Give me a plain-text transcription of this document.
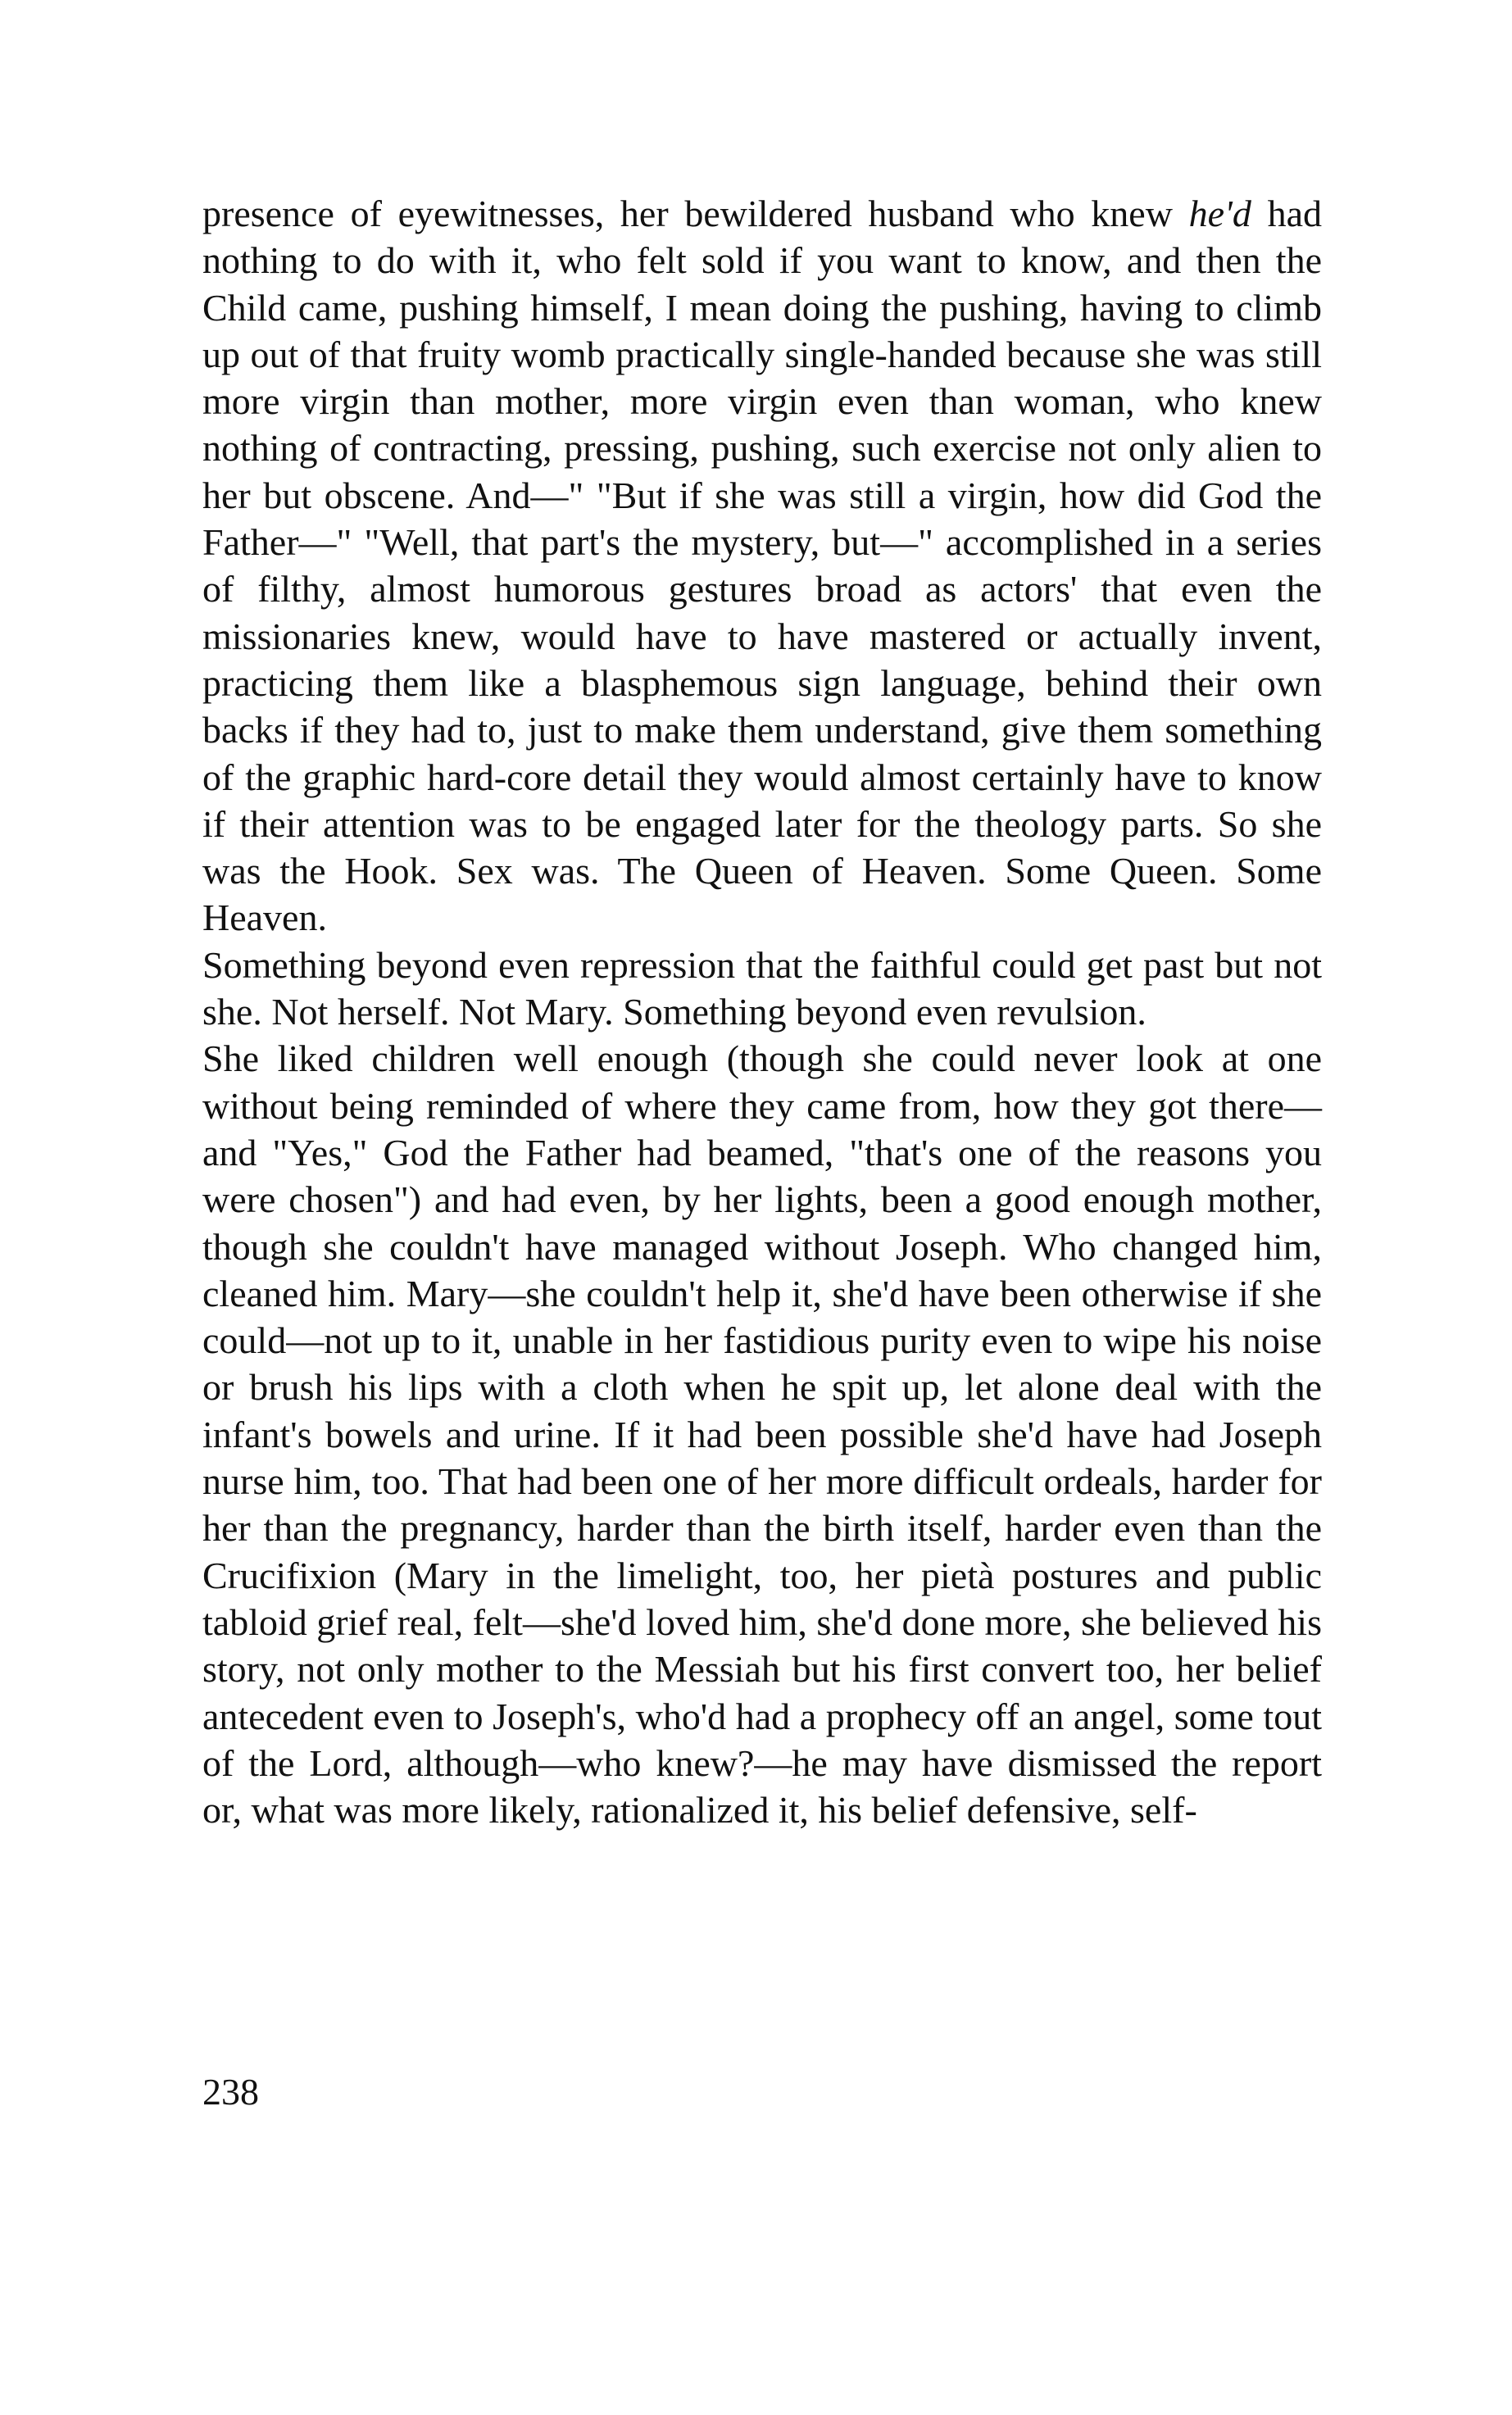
presence of eyewitnesses, her bewildered husband who knew he'd had nothing to do with it, who felt sold if you want to know, and then the Child came, pushing himself, I mean doing the pushing, having to climb up out of that fruity womb practically single-handed because she was still more virgin than mother, more virgin even than woman, who knew nothing of contracting, pressing, pushing, such exercise not only alien to her but obscene. And—" "But if she was still a virgin, how did God the Father—" "Well, that part's the mystery, but—" accomplished in a series of filthy, almost humorous gestures broad as actors' that even the missionaries knew, would have to have mastered or actually invent, practicing them like a blasphemous sign language, behind their own backs if they had to, just to make them understand, give them something of the graphic hard-core detail they would almost certainly have to know if their attention was to be engaged later for the theology parts. So she was the Hook. Sex was. The Queen of Heaven. Some Queen. Some Heaven.

Something beyond even repression that the faithful could get past but not she. Not herself. Not Mary. Something beyond even revulsion.

She liked children well enough (though she could never look at one without being reminded of where they came from, how they got there—and "Yes," God the Father had beamed, "that's one of the reasons you were chosen") and had even, by her lights, been a good enough mother, though she couldn't have managed without Joseph. Who changed him, cleaned him. Mary—she couldn't help it, she'd have been otherwise if she could—not up to it, unable in her fastidious purity even to wipe his noise or brush his lips with a cloth when he spit up, let alone deal with the infant's bowels and urine. If it had been possible she'd have had Joseph nurse him, too. That had been one of her more difficult ordeals, harder for her than the pregnancy, harder than the birth itself, harder even than the Crucifixion (Mary in the limelight, too, her pietà postures and public tabloid grief real, felt—she'd loved him, she'd done more, she believed his story, not only mother to the Messiah but his first convert too, her belief antecedent even to Joseph's, who'd had a prophecy off an angel, some tout of the Lord, although—who knew?—he may have dismissed the report or, what was more likely, rationalized it, his belief defensive, self-

238
